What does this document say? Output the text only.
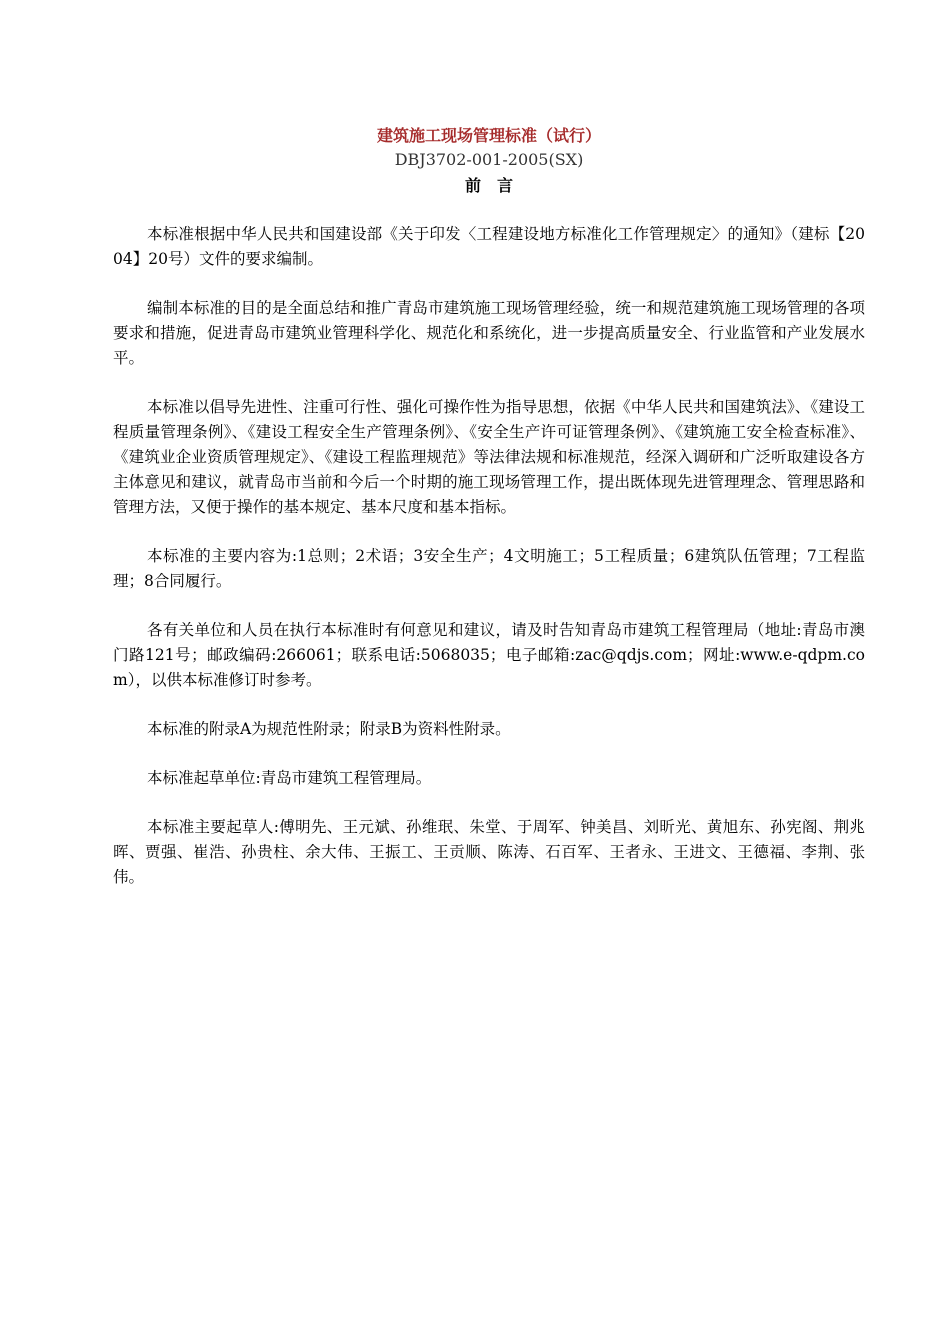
建筑施工现场管理标准（试行）

DBJ3702-001-2005(SX)

前　言

本标准根据中华人民共和国建设部《关于印发〈工程建设地方标准化工作管理规定〉的通知》（建标【2004】20号）文件的要求编制。

编制本标准的目的是全面总结和推广青岛市建筑施工现场管理经验，统一和规范建筑施工现场管理的各项要求和措施，促进青岛市建筑业管理科学化、规范化和系统化，进一步提高质量安全、行业监管和产业发展水平。

本标准以倡导先进性、注重可行性、强化可操作性为指导思想，依据《中华人民共和国建筑法》、《建设工程质量管理条例》、《建设工程安全生产管理条例》、《安全生产许可证管理条例》、《建筑施工安全检查标准》、《建筑业企业资质管理规定》、《建设工程监理规范》等法律法规和标准规范，经深入调研和广泛听取建设各方主体意见和建议，就青岛市当前和今后一个时期的施工现场管理工作，提出既体现先进管理理念、管理思路和管理方法，又便于操作的基本规定、基本尺度和基本指标。

本标准的主要内容为:1总则；2术语；3安全生产；4文明施工；5工程质量；6建筑队伍管理；7工程监理；8合同履行。

各有关单位和人员在执行本标准时有何意见和建议，请及时告知青岛市建筑工程管理局（地址:青岛市澳门路121号；邮政编码:266061；联系电话:5068035；电子邮箱:zac@qdjs.com；网址:www.e-qdpm.com），以供本标准修订时参考。

本标准的附录A为规范性附录；附录B为资料性附录。

本标准起草单位:青岛市建筑工程管理局。

本标准主要起草人:傅明先、王元斌、孙维珉、朱堂、于周军、钟美昌、刘昕光、黄旭东、孙宪阁、荆兆晖、贾强、崔浩、孙贵柱、余大伟、王振工、王贡顺、陈涛、石百军、王者永、王进文、王德福、李荆、张伟。
